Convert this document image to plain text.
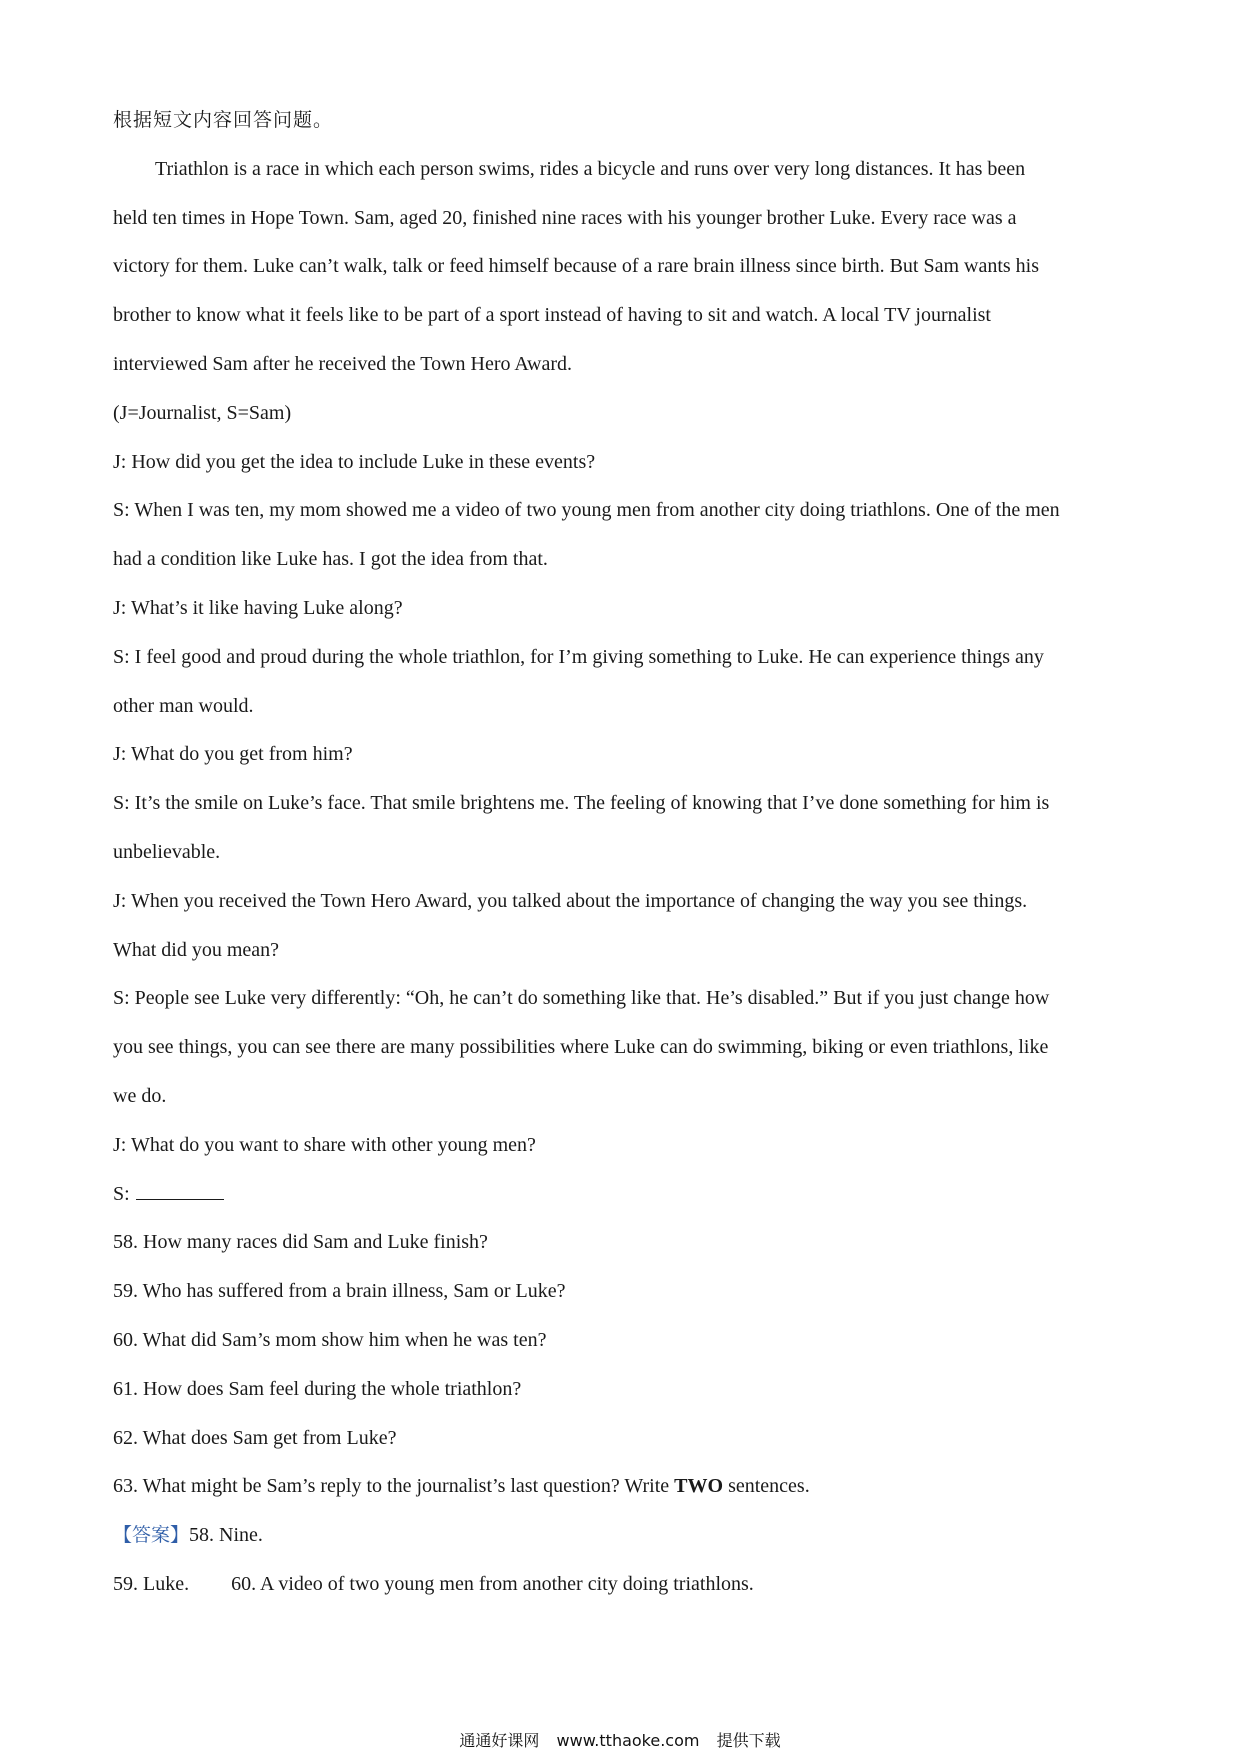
根据短文内容回答问题。

Triathlon is a race in which each person swims, rides a bicycle and runs over very long distances. It has been

held ten times in Hope Town. Sam, aged 20, finished nine races with his younger brother Luke. Every race was a

victory for them. Luke can’t walk, talk or feed himself because of a rare brain illness since birth. But Sam wants his

brother to know what it feels like to be part of a sport instead of having to sit and watch. A local TV journalist

interviewed Sam after he received the Town Hero Award.

(J=Journalist, S=Sam)

J: How did you get the idea to include Luke in these events?

S: When I was ten, my mom showed me a video of two young men from another city doing triathlons. One of the men

had a condition like Luke has. I got the idea from that.

J: What’s it like having Luke along?

S: I feel good and proud during the whole triathlon, for I’m giving something to Luke. He can experience things any

other man would.

J: What do you get from him?

S: It’s the smile on Luke’s face. That smile brightens me. The feeling of knowing that I’ve done something for him is

unbelievable.

J: When you received the Town Hero Award, you talked about the importance of changing the way you see things.

What did you mean?

S: People see Luke very differently: “Oh, he can’t do something like that. He’s disabled.” But if you just change how

you see things, you can see there are many possibilities where Luke can do swimming, biking or even triathlons, like

we do.

J: What do you want to share with other young men?

S:

58. How many races did Sam and Luke finish?

59. Who has suffered from a brain illness, Sam or Luke?

60. What did Sam’s mom show him when he was ten?

61. How does Sam feel during the whole triathlon?

62. What does Sam get from Luke?

63. What might be Sam’s reply to the journalist’s last question? Write TWO sentences.

【答案】58. Nine.

59. Luke. 60. A video of two young men from another city doing triathlons.

通通好课网 www.tthaoke.com 提供下载
